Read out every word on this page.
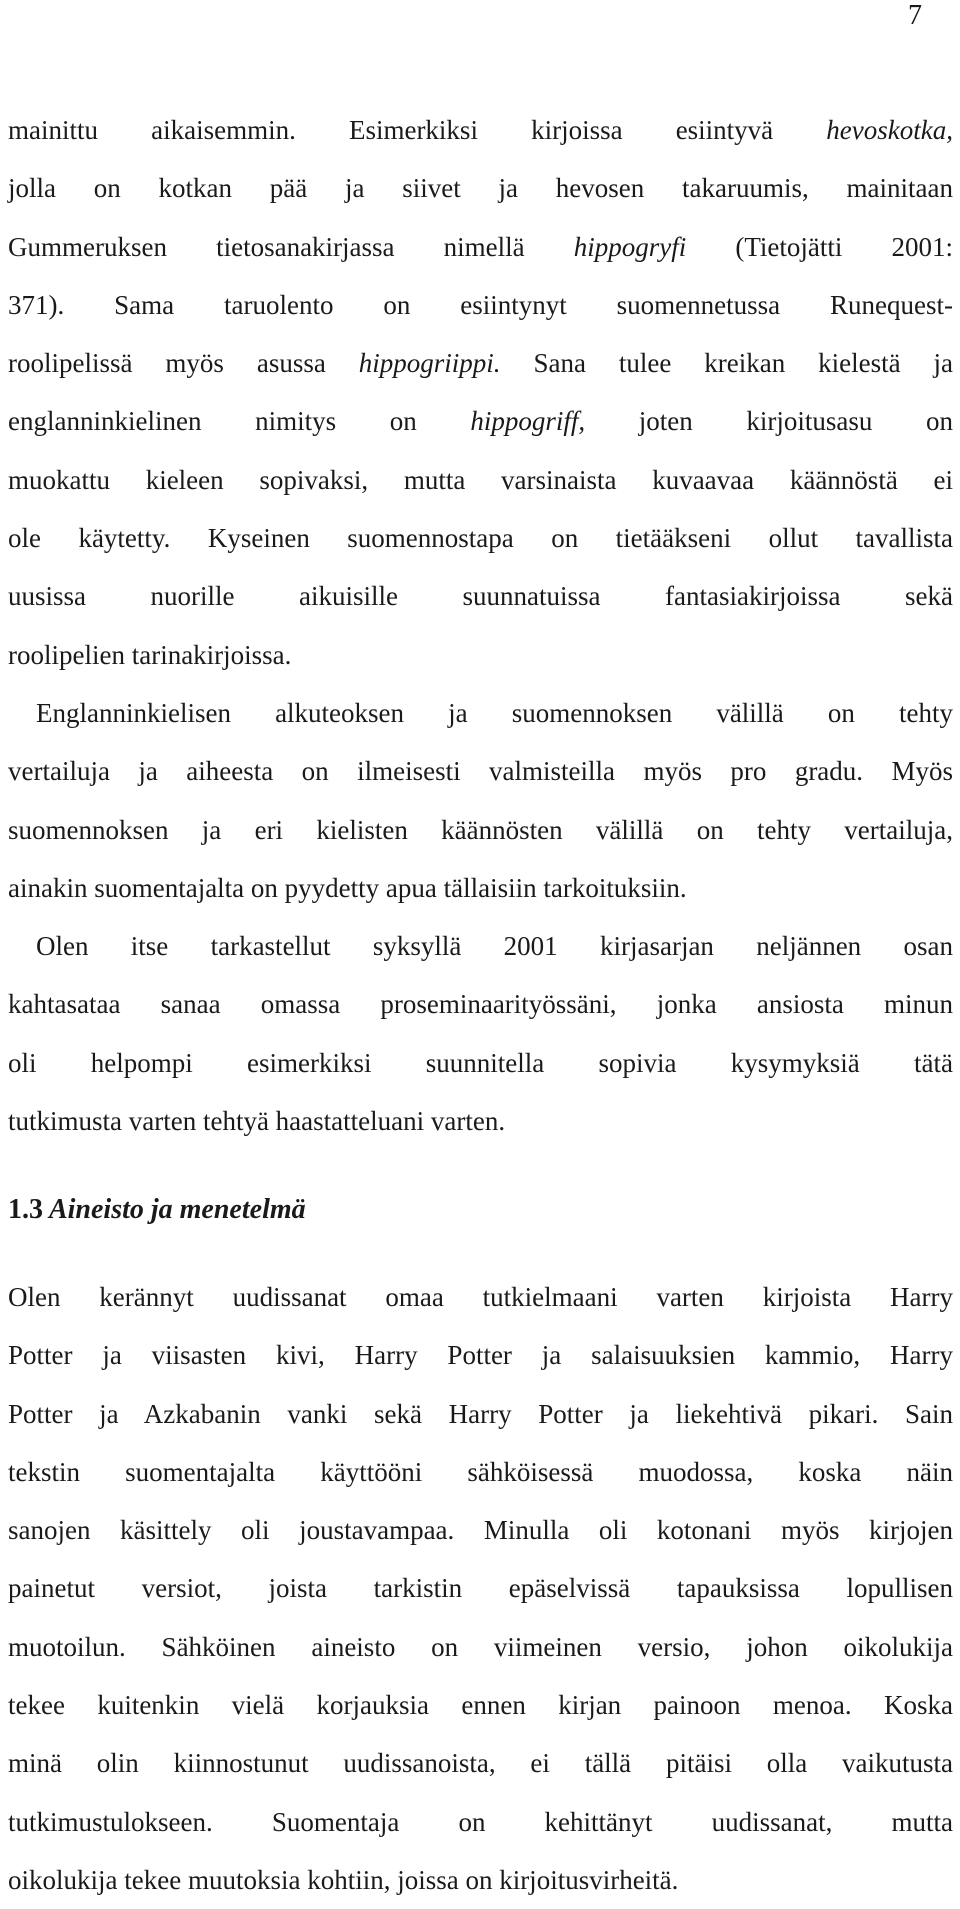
7

mainittu aikaisemmin. Esimerkiksi kirjoissa esiintyvä hevoskotka,
jolla on kotkan pää ja siivet ja hevosen takaruumis, mainitaan
Gummeruksen tietosanakirjassa nimellä hippogryfi (Tietojätti 2001:
371). Sama taruolento on esiintynyt suomennetussa Runequest-
roolipelissä myös asussa hippogriippi. Sana tulee kreikan kielestä ja
englanninkielinen nimitys on hippogriff, joten kirjoitusasu on
muokattu kieleen sopivaksi, mutta varsinaista kuvaavaa käännöstä ei
ole käytetty. Kyseinen suomennostapa on tietääkseni ollut tavallista
uusissa nuorille aikuisille suunnatuissa fantasiakirjoissa sekä
roolipelien tarinakirjoissa.

Englanninkielisen alkuteoksen ja suomennoksen välillä on tehty
vertailuja ja aiheesta on ilmeisesti valmisteilla myös pro gradu. Myös
suomennoksen ja eri kielisten käännösten välillä on tehty vertailuja,
ainakin suomentajalta on pyydetty apua tällaisiin tarkoituksiin.

Olen itse tarkastellut syksyllä 2001 kirjasarjan neljännen osan
kahtasataa sanaa omassa proseminaarityössäni, jonka ansiosta minun
oli helpompi esimerkiksi suunnitella sopivia kysymyksiä tätä
tutkimusta varten tehtyä haastatteluani varten.

1.3 Aineisto ja menetelmä

Olen kerännyt uudissanat omaa tutkielmaani varten kirjoista Harry
Potter ja viisasten kivi, Harry Potter ja salaisuuksien kammio, Harry
Potter ja Azkabanin vanki sekä Harry Potter ja liekehtivä pikari. Sain
tekstin suomentajalta käyttööni sähköisessä muodossa, koska näin
sanojen käsittely oli joustavampaa. Minulla oli kotonani myös kirjojen
painetut versiot, joista tarkistin epäselvissä tapauksissa lopullisen
muotoilun. Sähköinen aineisto on viimeinen versio, johon oikolukija
tekee kuitenkin vielä korjauksia ennen kirjan painoon menoa. Koska
minä olin kiinnostunut uudissanoista, ei tällä pitäisi olla vaikutusta
tutkimustulokseen. Suomentaja on kehittänyt uudissanat, mutta
oikolukija tekee muutoksia kohtiin, joissa on kirjoitusvirheitä.
